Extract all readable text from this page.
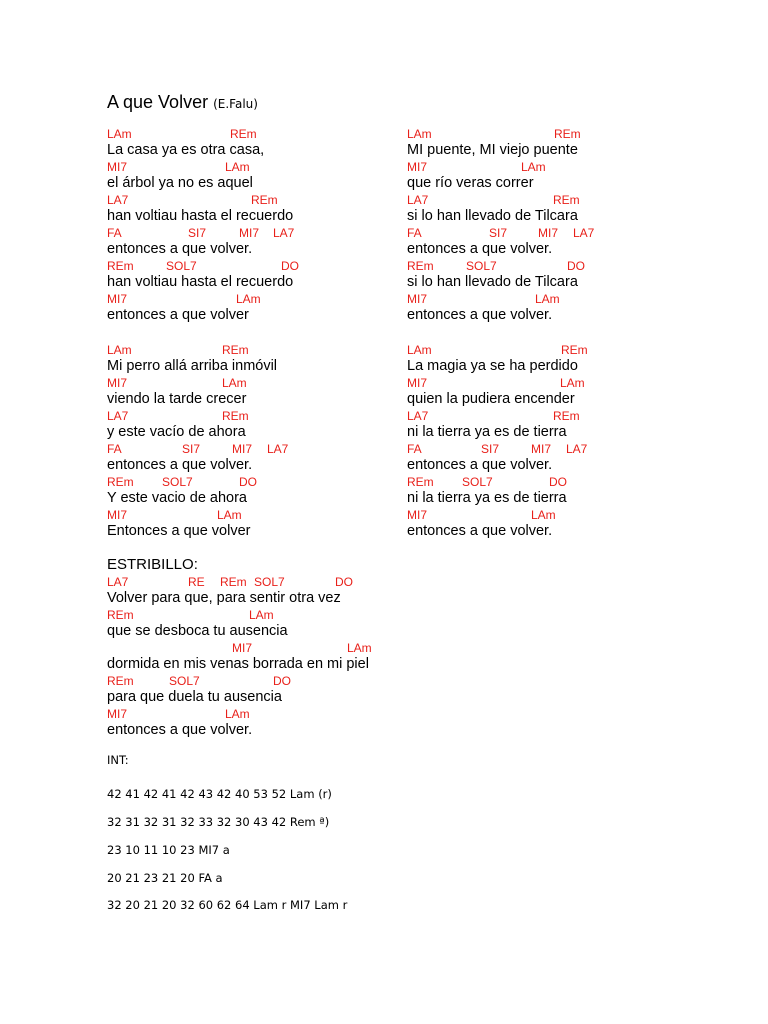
A que Volver (E.Falu)
LAm	REm
La casa ya es otra casa,
MI7	LAm
el árbol ya no es aquel
LA7	REm
han voltiau hasta el recuerdo
FA	SI7	MI7 LA7
entonces a que volver.
REm	SOL7	DO
han voltiau hasta el recuerdo
MI7	LAm
entonces a que volver
LAm	REm
Mi perro allá arriba inmóvil
MI7	LAm
viendo la tarde crecer
LA7	REm
y este vacío de ahora
FA	SI7	MI7 LA7
entonces a que volver.
REm SOL7	DO
Y este vacio de ahora
MI7	LAm
Entonces a que volver
ESTRIBILLO:
LA7	RE REm SOL7	DO
Volver para que, para sentir otra vez
REm	LAm
que se desboca tu ausencia
MI7	LAm
dormida en mis venas borrada en mi piel
REm	SOL7	DO
para que duela tu ausencia
MI7	LAm
entonces a que volver.
LAm	REm
MI puente, MI viejo puente
MI7	LAm
que río veras correr
LA7	REm
si lo han llevado de Tilcara
FA	SI7	MI7 LA7
entonces a que volver.
REm	SOL7	DO
si lo han llevado de Tilcara
MI7	LAm
entonces a que volver.
LAm	REm
La magia ya se ha perdido
MI7	LAm
quien la pudiera encender
LA7	REm
ni la tierra ya es de tierra
FA	SI7	MI7 LA7
entonces a que volver.
REm SOL7	DO
ni la tierra ya es de tierra
MI7	LAm
entonces a que volver.
INT:
42 41 42 41 42 43 42 40 53 52 Lam (r)
32 31 32 31 32 33 32 30 43 42 Rem ª)
23 10 11 10 23 MI7 a
20 21 23 21 20 FA a
32 20 21 20 32 60 62 64 Lam r MI7 Lam r
